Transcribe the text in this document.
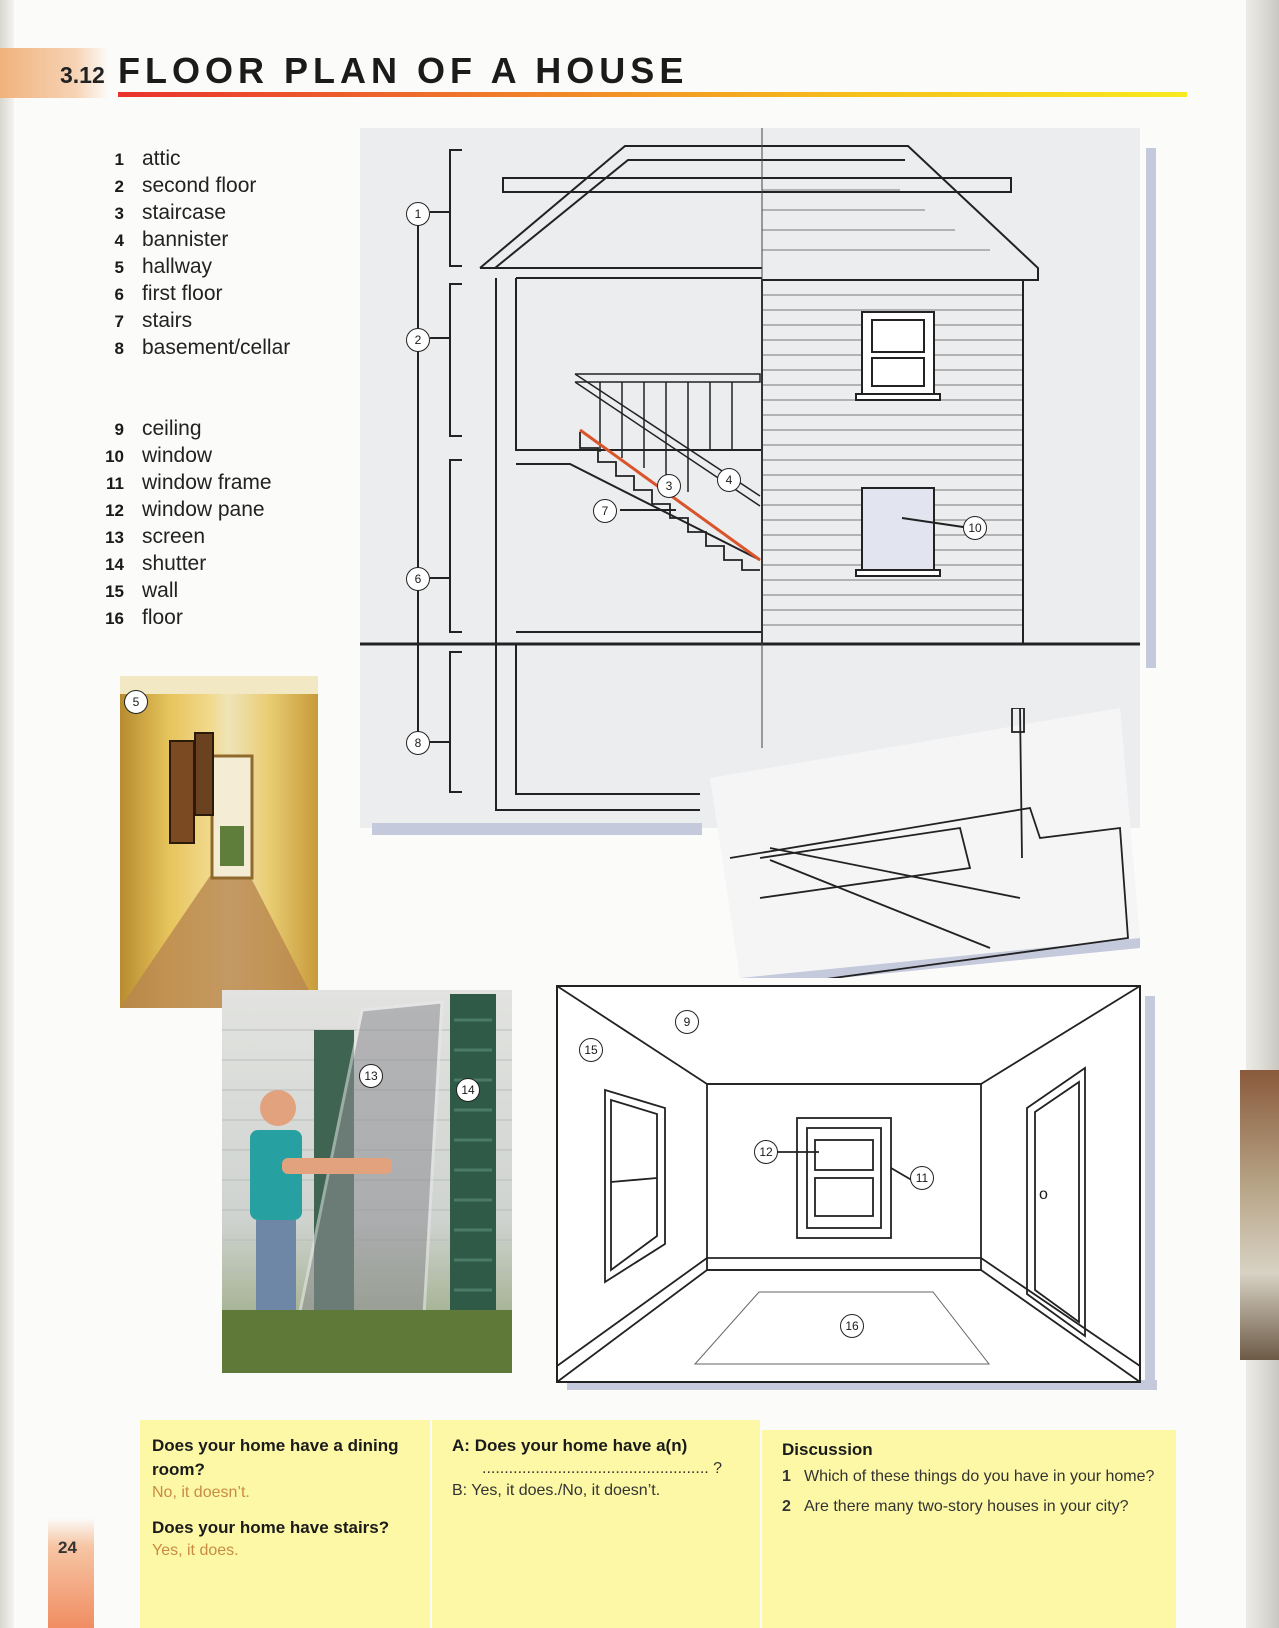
3.12 FLOOR PLAN OF A HOUSE
1 attic
2 second floor
3 staircase
4 bannister
5 hallway
6 first floor
7 stairs
8 basement/cellar
9 ceiling
10 window
11 window frame
12 window pane
13 screen
14 shutter
15 wall
16 floor
5
13
14
1
2
3	4
6
7
8
9
10
11
12
15
16
o
Does your home have a dining room?
No, it doesn’t.
Does your home have stairs?
Yes, it does.
A: Does your home have a(n)
................................................... ?
B: Yes, it does./No, it doesn’t.
Discussion
1 Which of these things do you have in your home?
2 Are there many two-story houses in your city?
24
